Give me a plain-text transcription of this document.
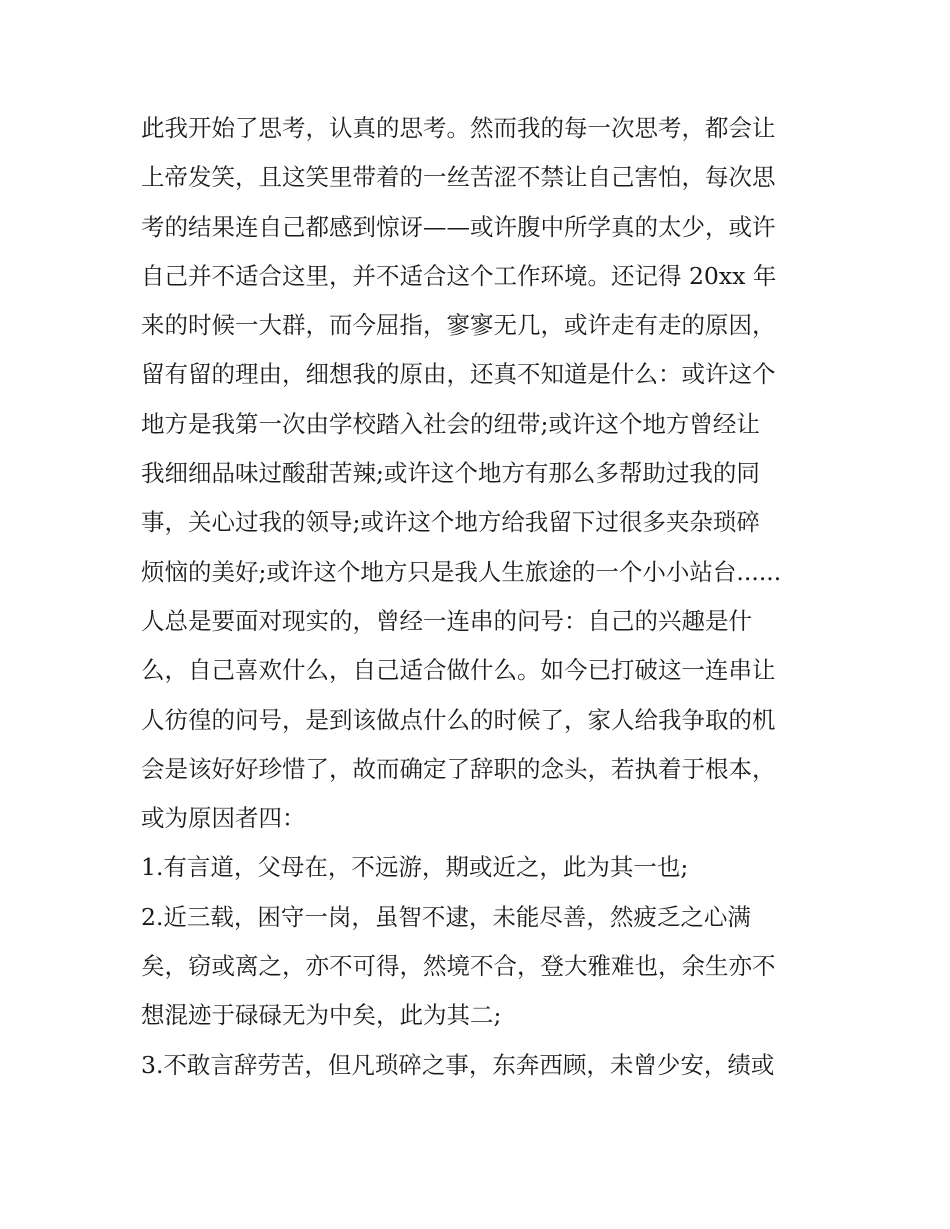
此我开始了思考，认真的思考。然而我的每一次思考，都会让
上帝发笑，且这笑里带着的一丝苦涩不禁让自己害怕，每次思
考的结果连自己都感到惊讶——或许腹中所学真的太少，或许
自己并不适合这里，并不适合这个工作环境。还记得 20xx 年
来的时候一大群，而今屈指，寥寥无几，或许走有走的原因，
留有留的理由，细想我的原由，还真不知道是什么：或许这个
地方是我第一次由学校踏入社会的纽带;或许这个地方曾经让
我细细品味过酸甜苦辣;或许这个地方有那么多帮助过我的同
事，关心过我的领导;或许这个地方给我留下过很多夹杂琐碎
烦恼的美好;或许这个地方只是我人生旅途的一个小小站台......
人总是要面对现实的，曾经一连串的问号：自己的兴趣是什
么，自己喜欢什么，自己适合做什么。如今已打破这一连串让
人彷徨的问号，是到该做点什么的时候了，家人给我争取的机
会是该好好珍惜了，故而确定了辞职的念头，若执着于根本，
或为原因者四：
1.有言道，父母在，不远游，期或近之，此为其一也;
2.近三载，困守一岗，虽智不逮，未能尽善，然疲乏之心满
矣，窃或离之，亦不可得，然境不合，登大雅难也，余生亦不
想混迹于碌碌无为中矣，此为其二;
3.不敢言辞劳苦，但凡琐碎之事，东奔西顾，未曾少安，绩或
